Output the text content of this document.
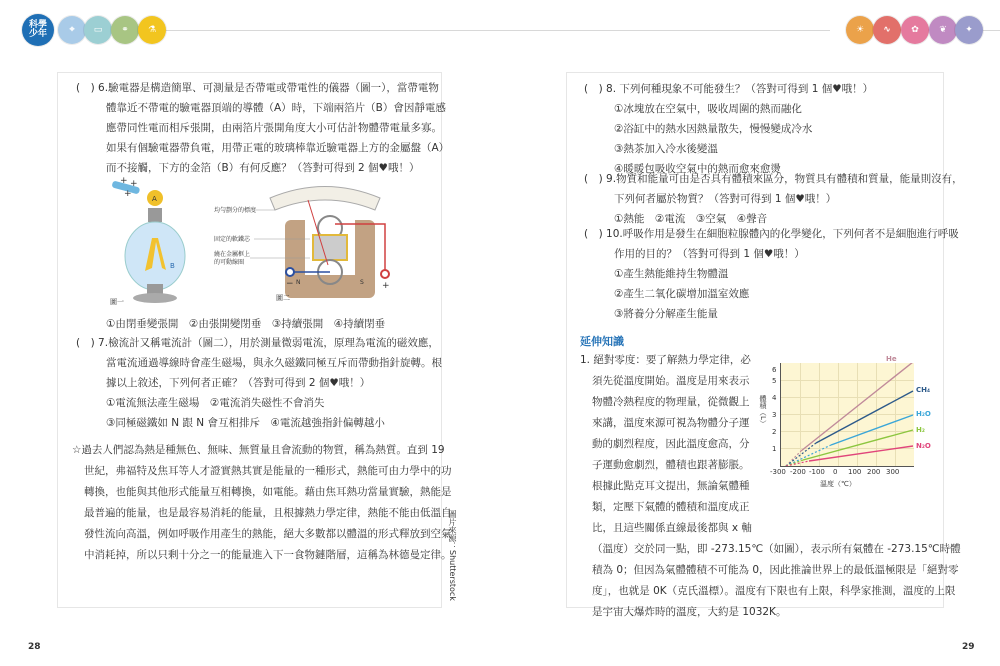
科學少年	⌖	▭	⚭	⚗	☀	∿	✿	❦	✦
(　) 6.驗電器是構造簡單、可測量是否帶電或帶電性的儀器（圖一），當帶電物
體靠近不帶電的驗電器頂端的導體（A）時，下端兩箔片（B）會因靜電感
應帶同性電而相斥張開，由兩箔片張開角度大小可估計物體帶電量多寡。
如果有個驗電器帶負電，用帶正電的玻璃棒靠近驗電器上方的金屬盤（A）
而不接觸，下方的金箔（B）有何反應？（答對可得到 2 個♥哦！）
+ +
+	A
B
圖一
−	+
N	S
均勻劃分的標度
固定的軟鐵芯
繞在金屬框上
的可動線圈
圖二
①由閉垂變張開　②由張開變閉垂　③持續張開　④持續閉垂
(　) 7.檢流計又稱電流計（圖二），用於測量微弱電流，原理為電流的磁效應，
當電流通過導線時會產生磁場，與永久磁鐵同極互斥而帶動指針旋轉。根
據以上敘述，下列何者正確？（答對可得到 2 個♥哦！）
①電流無法產生磁場　②電流消失磁性不會消失
③同極磁鐵如 N 跟 N 會互相排斥　④電流越強指針偏轉越小
☆過去人們認為熱是種無色、無味、無質量且會流動的物質，稱為熱質。直到 19
世紀，弗福特及焦耳等人才證實熱其實是能量的一種形式，熱能可由力學中的功
轉換，也能與其他形式能量互相轉換，如電能。藉由焦耳熱功當量實驗，熱能是
最普遍的能量，也是最容易消耗的能量，且根據熱力學定律，熱能不能由低溫自
發性流向高溫，例如呼吸作用產生的熱能，絕大多數都以體溫的形式釋放到空氣
中消耗掉，所以只剩十分之一的能量進入下一食物鏈階層，這稱為林德曼定律。
圖片來源：Shutterstock
(　) 8. 下列何種現象不可能發生？（答對可得到 1 個♥哦！）
①冰塊放在空氣中，吸收周圍的熱而融化
②浴缸中的熱水因熱量散失，慢慢變成冷水
③熱茶加入冷水後變溫
④暖暖包吸收空氣中的熱而愈來愈燙
(　) 9.物質和能量可由是否具有體積來區分，物質具有體積和質量，能量則沒有，
下列何者屬於物質？（答對可得到 1 個♥哦！）
①熱能　②電流　③空氣　④聲音
(　) 10.呼吸作用是發生在細胞粒腺體內的化學變化，下列何者不是細胞進行呼吸
作用的目的？（答對可得到 1 個♥哦！）
①產生熱能維持生物體溫
②產生二氧化碳增加溫室效應
③將養分分解產生能量
延伸知識
1. 絕對零度：要了解熱力學定律，必
須先從溫度開始。溫度是用來表示
物體冷熱程度的物理量，從微觀上
來講，溫度來源可視為物體分子運
動的劇烈程度，因此溫度愈高，分
子運動愈劇烈，體積也跟著膨脹。
根據此點克耳文提出，無論氣體種
類，定壓下氣體的體積和溫度成正
比，且這些關係直線最後都與 x 軸
（溫度）交於同一點，即 -273.15℃（如圖），表示所有氣體在 -273.15℃時體
積為 0；但因為氣體體積不可能為 0，因此推論世界上的最低溫極限是「絕對零
度」，也就是 0K（克氏溫標）。溫度有下限也有上限，科學家推測，溫度的上限
是宇宙大爆炸時的溫度，大約是 1032K。
1
2
3
4
5
6
-300 -200 -100 0 100 200 300
溫度（℃）
體積（L）
He
CH₄
H₂O
H₂
N₂O
28	29
